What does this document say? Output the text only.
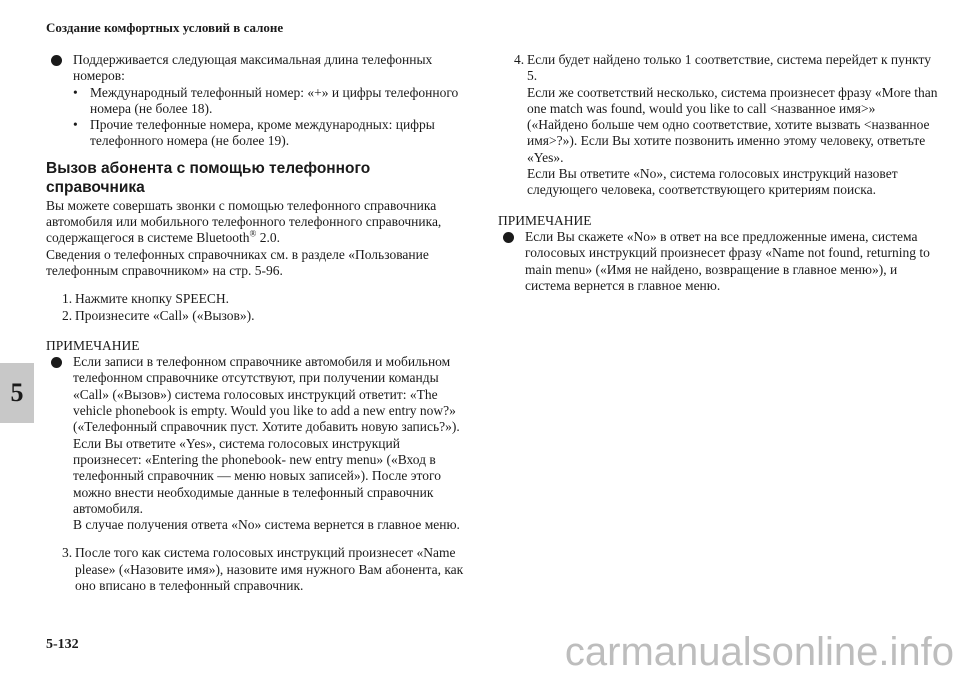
Создание комфортных условий в салоне
5
Поддерживается следующая максимальная длина телефонных номеров:
• Международный телефонный номер: «+» и цифры телефонного номера (не более 18).
• Прочие телефонные номера, кроме международных: цифры телефонного номера (не более 19).
Вызов абонента с помощью телефонного справочника
Вы можете совершать звонки с помощью телефонного справочника автомобиля или мобильного телефонного телефонного справочника, содержащегося в системе Bluetooth® 2.0.
Сведения о телефонных справочниках см. в разделе «Пользование телефонным справочником» на стр. 5-96.
1. Нажмите кнопку SPEECH.
2. Произнесите «Call» («Вызов»).
ПРИМЕЧАНИЕ
Если записи в телефонном справочнике автомобиля и мобильном телефонном справочнике отсутствуют, при получении команды «Call» («Вызов») система голосовых инструкций ответит: «The vehicle phonebook is empty. Would you like to add a new entry now?» («Телефонный справочник пуст. Хотите добавить новую запись?»).
Если Вы ответите «Yes», система голосовых инструкций произнесет: «Entering the phonebook- new entry menu» («Вход в телефонный справочник — меню новых записей»). После этого можно внести необходимые данные в телефонный справочник автомобиля.
В случае получения ответа «No» система вернется в главное меню.
3. После того как система голосовых инструкций произнесет «Name please» («Назовите имя»), назовите имя нужного Вам абонента, как оно вписано в телефонный справочник.
4. Если будет найдено только 1 соответствие, система перейдет к пункту 5.
Если же соответствий несколько, система произнесет фразу «More than one match was found, would you like to call <названное имя>» («Найдено больше чем одно соответствие, хотите вызвать <названное имя>?»). Если Вы хотите позвонить именно этому человеку, ответьте «Yes».
Если Вы ответите «No», система голосовых инструкций назовет следующего человека, соответствующего критериям поиска.
ПРИМЕЧАНИЕ
Если Вы скажете «No» в ответ на все предложенные имена, система голосовых инструкций произнесет фразу «Name not found, returning to main menu» («Имя не найдено, возвращение в главное меню»), и система вернется в главное меню.
5-132	carmanualsonline.info
